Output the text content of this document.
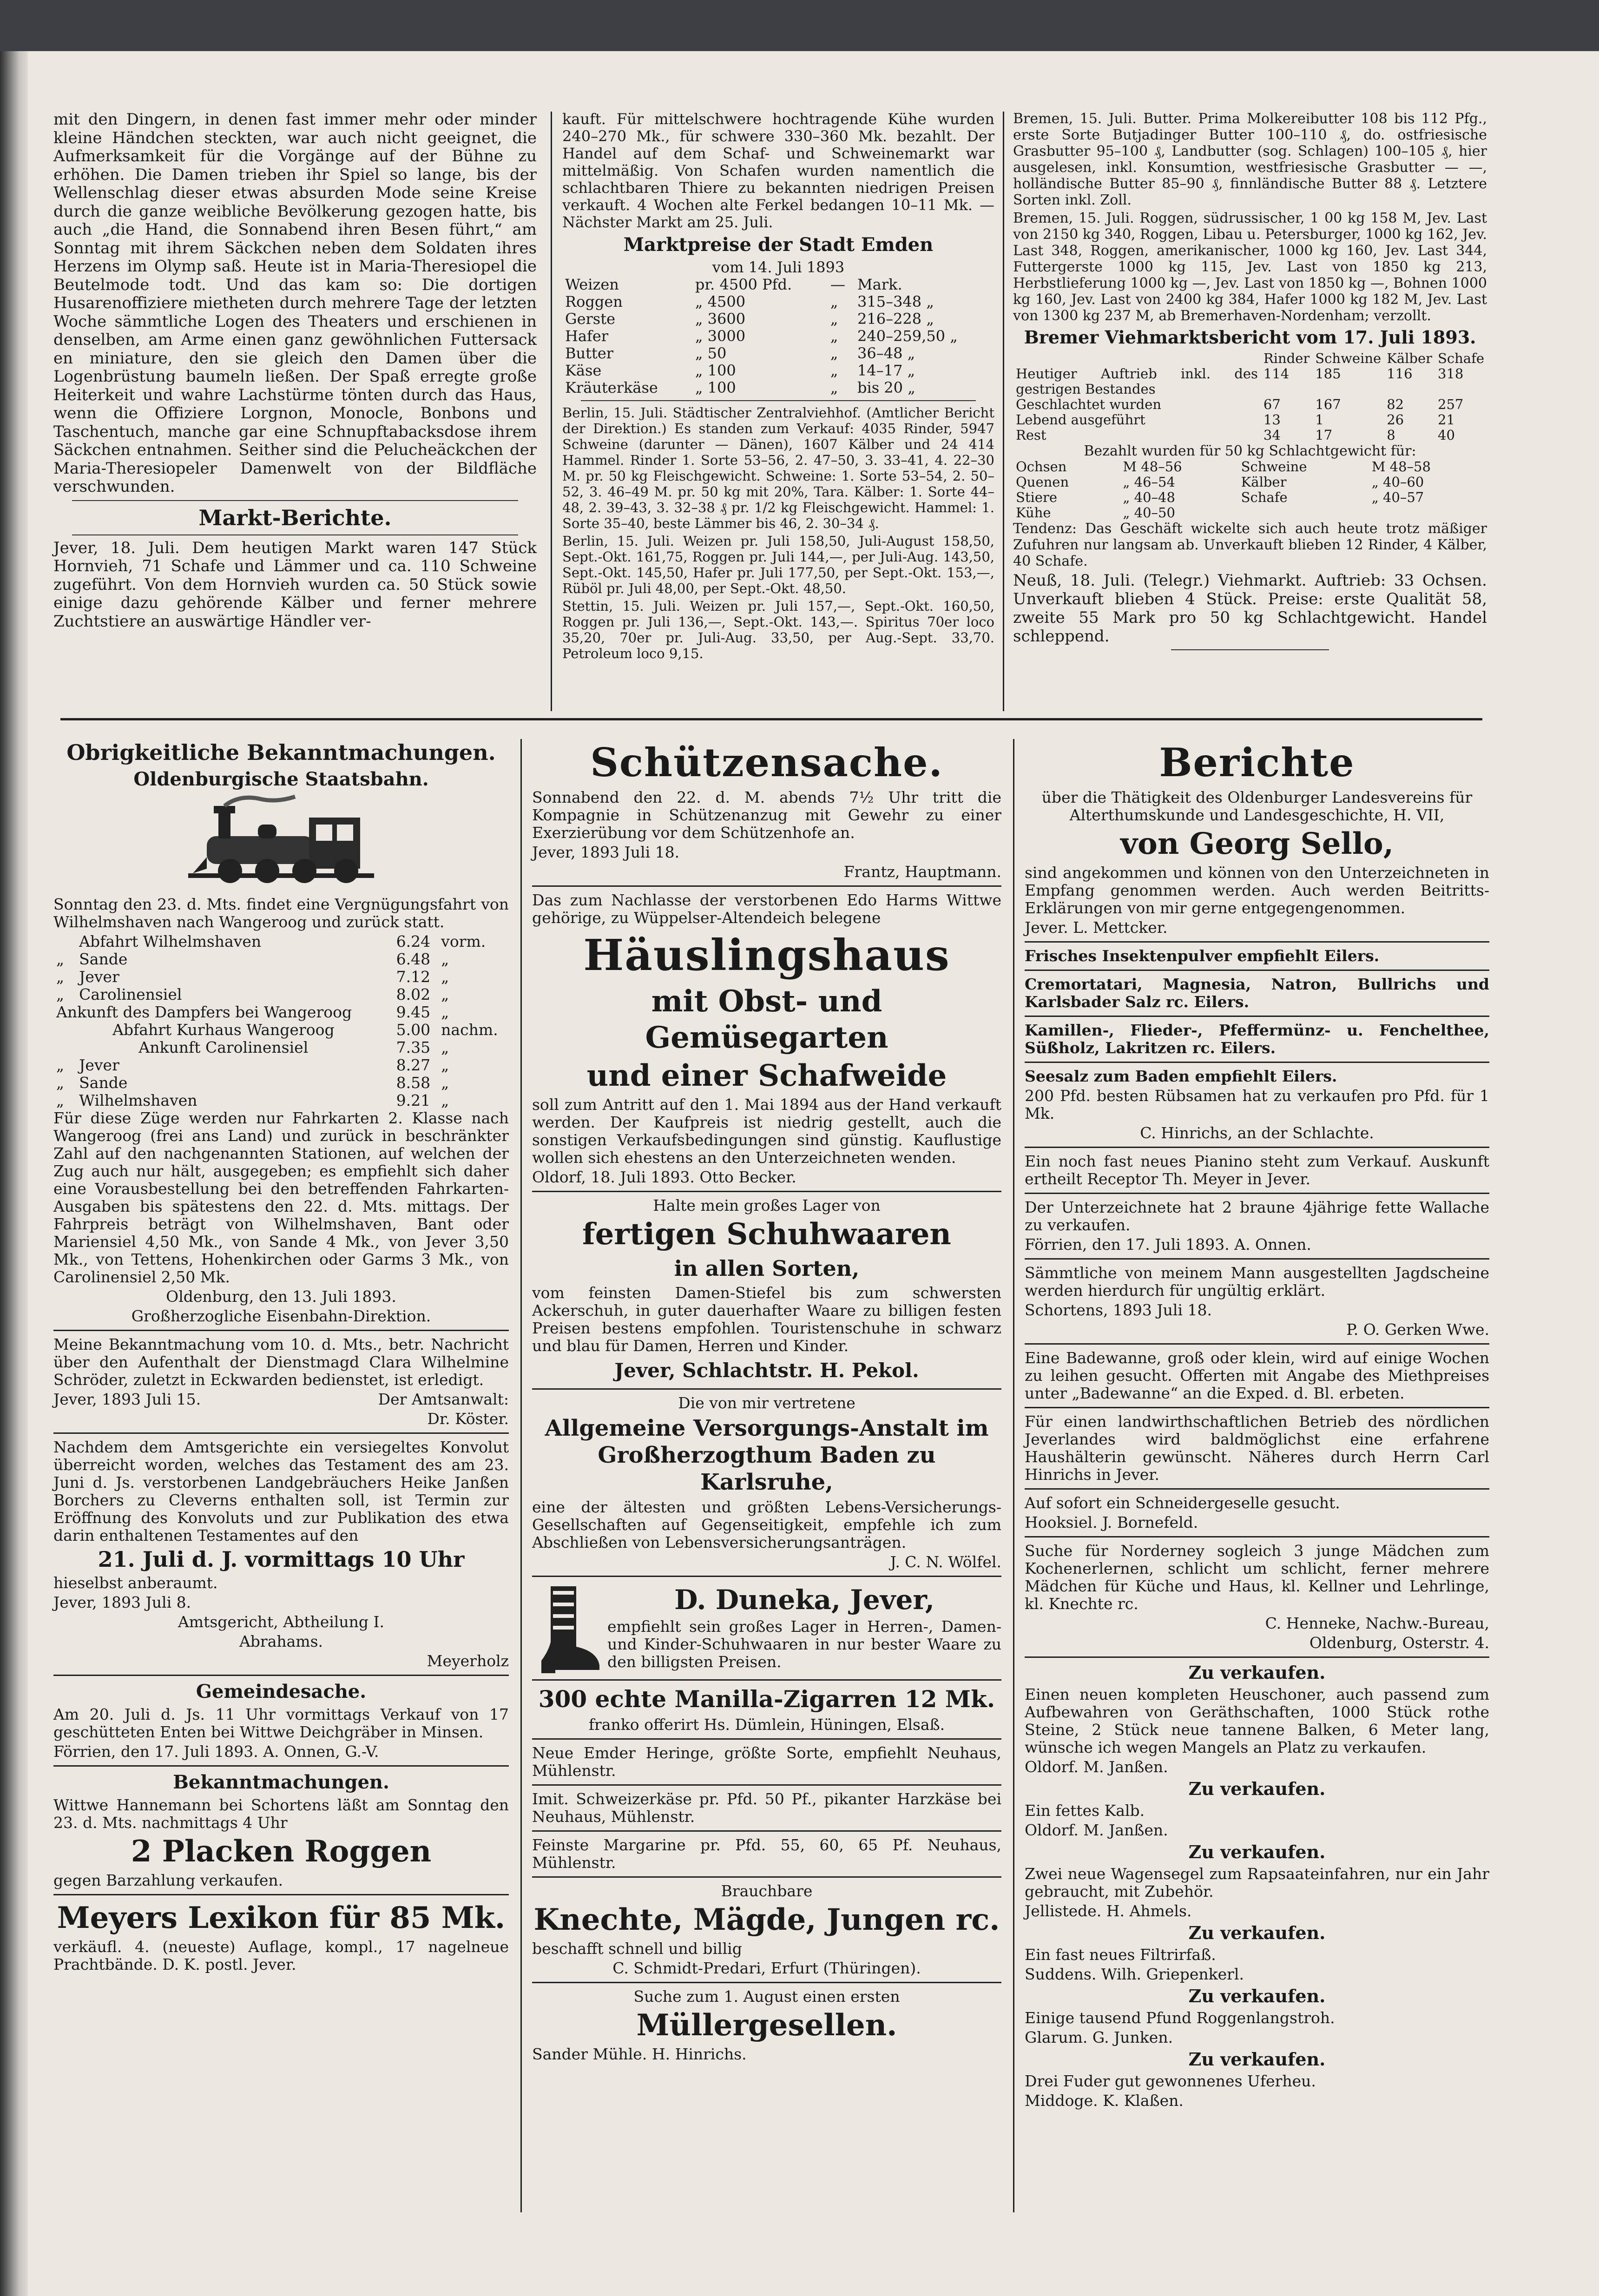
mit den Dingern, in denen fast immer mehr oder minder kleine Händchen steckten, war auch nicht geeignet, die Aufmerksamkeit für die Vorgänge auf der Bühne zu erhöhen. Die Damen trieben ihr Spiel so lange, bis der Wellenschlag dieser etwas absurden Mode seine Kreise durch die ganze weibliche Bevölkerung gezogen hatte, bis auch „die Hand, die Sonnabend ihren Besen führt,“ am Sonntag mit ihrem Säckchen neben dem Soldaten ihres Herzens im Olymp saß. Heute ist in Maria-Theresiopel die Beutelmode todt. Und das kam so: Die dortigen Husarenoffiziere mietheten durch mehrere Tage der letzten Woche sämmtliche Logen des Theaters und erschienen in denselben, am Arme einen ganz gewöhnlichen Futtersack en miniature, den sie gleich den Damen über die Logenbrüstung baumeln ließen. Der Spaß erregte große Heiterkeit und wahre Lachstürme tönten durch das Haus, wenn die Offiziere Lorgnon, Monocle, Bonbons und Taschentuch, manche gar eine Schnupftabacksdose ihrem Säckchen entnahmen. Seither sind die Pelucheäckchen der Maria-Theresiopeler Damenwelt von der Bildfläche verschwunden.

Markt-Berichte.

Jever, 18. Juli. Dem heutigen Markt waren 147 Stück Hornvieh, 71 Schafe und Lämmer und ca. 110 Schweine zugeführt. Von dem Hornvieh wurden ca. 50 Stück sowie einige dazu gehörende Kälber und ferner mehrere Zuchtstiere an auswärtige Händler ver-

kauft. Für mittelschwere hochtragende Kühe wurden 240–270 Mk., für schwere 330–360 Mk. bezahlt. Der Handel auf dem Schaf- und Schweinemarkt war mittelmäßig. Von Schafen wurden namentlich die schlachtbaren Thiere zu bekannten niedrigen Preisen verkauft. 4 Wochen alte Ferkel bedangen 10–11 Mk. — Nächster Markt am 25. Juli.

Marktpreise der Stadt Emden
vom 14. Juli 1893
Weizen	pr. 4500 Pfd.	—	Mark.
Roggen	„ 4500	„	315–348 „
Gerste	„ 3600	„	216–228 „
Hafer	„ 3000	„	240–259,50 „
Butter	„ 50	„	36–48 „
Käse	„ 100	„	14–17 „
Kräuterkäse	„ 100	„	bis 20 „

Berlin, 15. Juli. Städtischer Zentralviehhof. (Amtlicher Bericht der Direktion.) Es standen zum Verkauf: 4035 Rinder, 5947 Schweine (darunter — Dänen), 1607 Kälber und 24 414 Hammel. Rinder 1. Sorte 53–56, 2. 47–50, 3. 33–41, 4. 22–30 M. pr. 50 kg Fleischgewicht. Schweine: 1. Sorte 53–54, 2. 50–52, 3. 46–49 M. pr. 50 kg mit 20%, Tara. Kälber: 1. Sorte 44–48, 2. 39–43, 3. 32–38 ₰ pr. 1/2 kg Fleischgewicht. Hammel: 1. Sorte 35–40, beste Lämmer bis 46, 2. 30–34 ₰.

Berlin, 15. Juli. Weizen pr. Juli 158,50, Juli-August 158,50, Sept.-Okt. 161,75, Roggen pr. Juli 144,—, per Juli-Aug. 143,50, Sept.-Okt. 145,50, Hafer pr. Juli 177,50, per Sept.-Okt. 153,—, Rüböl pr. Juli 48,00, per Sept.-Okt. 48,50.

Stettin, 15. Juli. Weizen pr. Juli 157,—, Sept.-Okt. 160,50, Roggen pr. Juli 136,—, Sept.-Okt. 143,—. Spiritus 70er loco 35,20, 70er pr. Juli-Aug. 33,50, per Aug.-Sept. 33,70. Petroleum loco 9,15.

Bremen, 15. Juli. Butter. Prima Molkereibutter 108 bis 112 Pfg., erste Sorte Butjadinger Butter 100–110 ₰, do. ostfriesische Grasbutter 95–100 ₰, Landbutter (sog. Schlagen) 100–105 ₰, hier ausgelesen, inkl. Konsumtion, westfriesische Grasbutter — —, holländische Butter 85–90 ₰, finnländische Butter 88 ₰. Letztere Sorten inkl. Zoll.

Bremen, 15. Juli. Roggen, südrussischer, 1 00 kg 158 M, Jev. Last von 2150 kg 340, Roggen, Libau u. Petersburger, 1000 kg 162, Jev. Last 348, Roggen, amerikanischer, 1000 kg 160, Jev. Last 344, Futtergerste 1000 kg 115, Jev. Last von 1850 kg 213, Herbstlieferung 1000 kg —, Jev. Last von 1850 kg —, Bohnen 1000 kg 160, Jev. Last von 2400 kg 384, Hafer 1000 kg 182 M, Jev. Last von 1300 kg 237 M, ab Bremerhaven-Nordenham; verzollt.

Bremer Viehmarktsbericht vom 17. Juli 1893.
	Rinder	Schweine	Kälber	Schafe
Heutiger Auftrieb inkl. des gestrigen Bestandes	114	185	116	318
Geschlachtet wurden	67	167	82	257
Lebend ausgeführt	13	1	26	21
Rest	34	17	8	40
Bezahlt wurden für 50 kg Schlachtgewicht für:
Ochsen	M 48–56	Schweine	M 48–58
Quenen	„ 46–54	Kälber	„ 40–60
Stiere	„ 40–48	Schafe	„ 40–57
Kühe	„ 40–50		

Tendenz: Das Geschäft wickelte sich auch heute trotz mäßiger Zufuhren nur langsam ab. Unverkauft blieben 12 Rinder, 4 Kälber, 40 Schafe.

Neuß, 18. Juli. (Telegr.) Viehmarkt. Auftrieb: 33 Ochsen. Unverkauft blieben 4 Stück. Preise: erste Qualität 58, zweite 55 Mark pro 50 kg Schlachtgewicht. Handel schleppend.

Obrigkeitliche Bekanntmachungen.
Oldenburgische Staatsbahn.

Sonntag den 23. d. Mts. findet eine Vergnügungsfahrt von Wilhelmshaven nach Wangeroog und zurück statt.

	Abfahrt Wilhelmshaven	6.24	vorm.
„	Sande	6.48	„
„	Jever	7.12	„
„	Carolinensiel	8.02	„
Ankunft des Dampfers bei Wangeroog		9.45	„
Abfahrt Kurhaus Wangeroog		5.00	nachm.
Ankunft Carolinensiel		7.35	„
„	Jever	8.27	„
„	Sande	8.58	„
„	Wilhelmshaven	9.21	„

Für diese Züge werden nur Fahrkarten 2. Klasse nach Wangeroog (frei ans Land) und zurück in beschränkter Zahl auf den nachgenannten Stationen, auf welchen der Zug auch nur hält, ausgegeben; es empfiehlt sich daher eine Vorausbestellung bei den betreffenden Fahrkarten-Ausgaben bis spätestens den 22. d. Mts. mittags. Der Fahrpreis beträgt von Wilhelmshaven, Bant oder Mariensiel 4,50 Mk., von Sande 4 Mk., von Jever 3,50 Mk., von Tettens, Hohenkirchen oder Garms 3 Mk., von Carolinensiel 2,50 Mk.

Oldenburg, den 13. Juli 1893.

Großherzogliche Eisenbahn-Direktion.

Meine Bekanntmachung vom 10. d. Mts., betr. Nachricht über den Aufenthalt der Dienstmagd Clara Wilhelmine Schröder, zuletzt in Eckwarden bedienstet, ist erledigt.

Jever, 1893 Juli 15.	Der Amtsanwalt:

Dr. Köster.

Nachdem dem Amtsgerichte ein versiegeltes Konvolut überreicht worden, welches das Testament des am 23. Juni d. Js. verstorbenen Landgebräuchers Heike Janßen Borchers zu Cleverns enthalten soll, ist Termin zur Eröffnung des Konvoluts und zur Publikation des etwa darin enthaltenen Testamentes auf den

21. Juli d. J. vormittags 10 Uhr

hieselbst anberaumt.

Jever, 1893 Juli 8.

Amtsgericht, Abtheilung I.

Abrahams.

Meyerholz

Gemeindesache.

Am 20. Juli d. Js. 11 Uhr vormittags Verkauf von 17 geschütteten Enten bei Wittwe Deichgräber in Minsen.

Förrien, den 17. Juli 1893. A. Onnen, G.-V.

Bekanntmachungen.

Wittwe Hannemann bei Schortens läßt am Sonntag den 23. d. Mts. nachmittags 4 Uhr

2 Placken Roggen

gegen Barzahlung verkaufen.

Meyers Lexikon für 85 Mk.

verkäufl. 4. (neueste) Auflage, kompl., 17 nagelneue Prachtbände. D. K. postl. Jever.

Schützensache.

Sonnabend den 22. d. M. abends 7½ Uhr tritt die Kompagnie in Schützenanzug mit Gewehr zu einer Exerzierübung vor dem Schützenhofe an.

Jever, 1893 Juli 18.

Frantz, Hauptmann.

Das zum Nachlasse der verstorbenen Edo Harms Wittwe gehörige, zu Wüppelser-Altendeich belegene

Häuslingshaus
mit Obst- und Gemüsegarten
und einer Schafweide

soll zum Antritt auf den 1. Mai 1894 aus der Hand verkauft werden. Der Kaufpreis ist niedrig gestellt, auch die sonstigen Verkaufsbedingungen sind günstig. Kauflustige wollen sich ehestens an den Unterzeichneten wenden.

Oldorf, 18. Juli 1893. Otto Becker.

Halte mein großes Lager von

fertigen Schuhwaaren
in allen Sorten,

vom feinsten Damen-Stiefel bis zum schwersten Ackerschuh, in guter dauerhafter Waare zu billigen festen Preisen bestens empfohlen. Touristenschuhe in schwarz und blau für Damen, Herren und Kinder.

Jever, Schlachtstr. H. Pekol.

Die von mir vertretene

Allgemeine Versorgungs-Anstalt im Großherzogthum Baden zu Karlsruhe,

eine der ältesten und größten Lebens-Versicherungs-Gesellschaften auf Gegenseitigkeit, empfehle ich zum Abschließen von Lebensversicherungsanträgen.

J. C. N. Wölfel.

D. Duneka, Jever,

empfiehlt sein großes Lager in Herren-, Damen- und Kinder-Schuhwaaren in nur bester Waare zu den billigsten Preisen.

300 echte Manilla-Zigarren 12 Mk.

franko offerirt Hs. Dümlein, Hüningen, Elsaß.

Neue Emder Heringe, größte Sorte, empfiehlt Neuhaus, Mühlenstr.

Imit. Schweizerkäse pr. Pfd. 50 Pf., pikanter Harzkäse bei Neuhaus, Mühlenstr.

Feinste Margarine pr. Pfd. 55, 60, 65 Pf. Neuhaus, Mühlenstr.

Brauchbare

Knechte, Mägde, Jungen rc.

beschafft schnell und billig

C. Schmidt-Predari, Erfurt (Thüringen).

Suche zum 1. August einen ersten

Müllergesellen.

Sander Mühle. H. Hinrichs.

Berichte

über die Thätigkeit des Oldenburger Landesvereins für Alterthumskunde und Landesgeschichte, H. VII,

von Georg Sello,

sind angekommen und können von den Unterzeichneten in Empfang genommen werden. Auch werden Beitritts-Erklärungen von mir gerne entgegengenommen.

Jever. L. Mettcker.

Frisches Insektenpulver empfiehlt Eilers.

Cremortatari, Magnesia, Natron, Bullrichs und Karlsbader Salz rc. Eilers.

Kamillen-, Flieder-, Pfeffermünz- u. Fenchelthee, Süßholz, Lakritzen rc. Eilers.

Seesalz zum Baden empfiehlt Eilers.

200 Pfd. besten Rübsamen hat zu verkaufen pro Pfd. für 1 Mk.

C. Hinrichs, an der Schlachte.

Ein noch fast neues Pianino steht zum Verkauf. Auskunft ertheilt Receptor Th. Meyer in Jever.

Der Unterzeichnete hat 2 braune 4jährige fette Wallache zu verkaufen.

Förrien, den 17. Juli 1893. A. Onnen.

Sämmtliche von meinem Mann ausgestellten Jagdscheine werden hierdurch für ungültig erklärt.

Schortens, 1893 Juli 18.

P. O. Gerken Wwe.

Eine Badewanne, groß oder klein, wird auf einige Wochen zu leihen gesucht. Offerten mit Angabe des Miethpreises unter „Badewanne“ an die Exped. d. Bl. erbeten.

Für einen landwirthschaftlichen Betrieb des nördlichen Jeverlandes wird baldmöglichst eine erfahrene Haushälterin gewünscht. Näheres durch Herrn Carl Hinrichs in Jever.

Auf sofort ein Schneidergeselle gesucht.

Hooksiel. J. Bornefeld.

Suche für Norderney sogleich 3 junge Mädchen zum Kochenerlernen, schlicht um schlicht, ferner mehrere Mädchen für Küche und Haus, kl. Kellner und Lehrlinge, kl. Knechte rc.

C. Henneke, Nachw.-Bureau,

Oldenburg, Osterstr. 4.

Zu verkaufen.

Einen neuen kompleten Heuschoner, auch passend zum Aufbewahren von Geräthschaften, 1000 Stück rothe Steine, 2 Stück neue tannene Balken, 6 Meter lang, wünsche ich wegen Mangels an Platz zu verkaufen.

Oldorf. M. Janßen.

Zu verkaufen.

Ein fettes Kalb.

Oldorf. M. Janßen.

Zu verkaufen.

Zwei neue Wagensegel zum Rapsaateinfahren, nur ein Jahr gebraucht, mit Zubehör.

Jellistede. H. Ahmels.

Zu verkaufen.

Ein fast neues Filtrirfaß.

Suddens. Wilh. Griepenkerl.

Zu verkaufen.

Einige tausend Pfund Roggenlangstroh.

Glarum. G. Junken.

Zu verkaufen.

Drei Fuder gut gewonnenes Uferheu.

Middoge. K. Klaßen.
